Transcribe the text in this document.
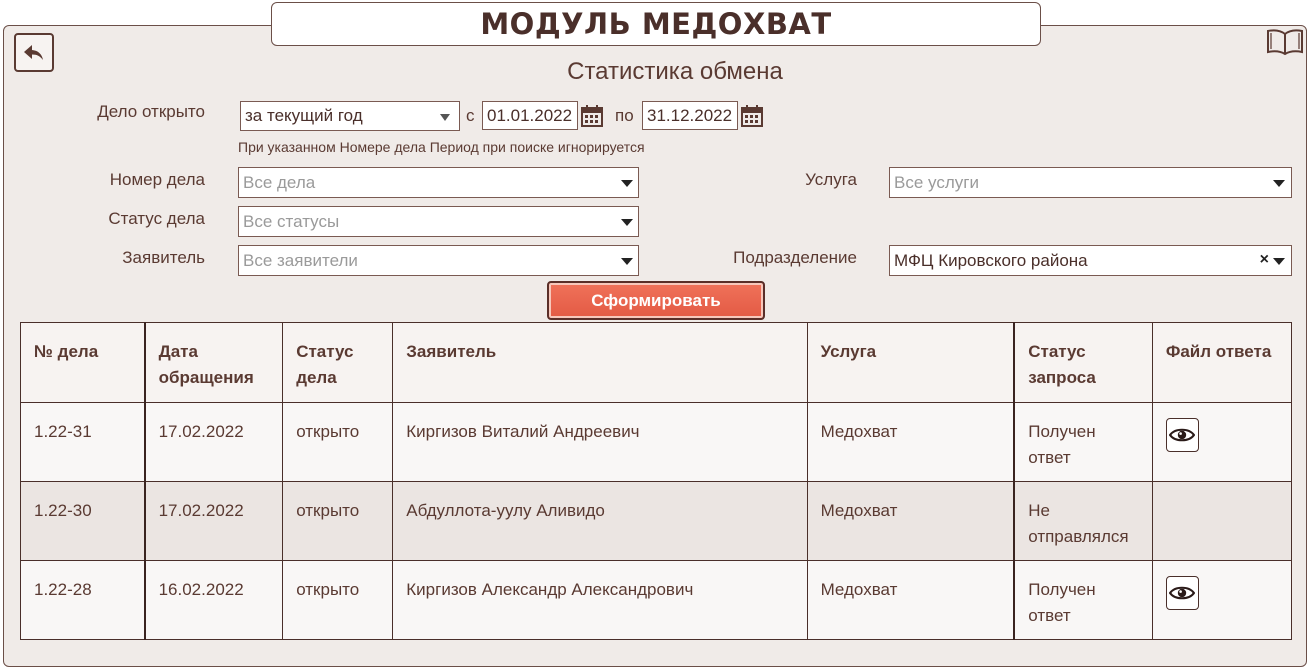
МОДУЛЬ МЕДОХВАТ
Статистика обмена
Дело открыто за текущий год	с 01.01.2022	по 31.12.2022
При указанном Номере дела Период при поиске игнорируется
Номер дела Все дела	Услуга Все услуги
Статус дела Все статусы
Заявитель Все заявители	Подразделение МФЦ Кировского района	×
Сформировать
№ дела	Дата обращения	Статус дела	Заявитель	Услуга	Статус запроса	Файл ответа
1.22-31	17.02.2022	открыто	Киргизов Виталий Андреевич	Медохват	Получен ответ	

1.22-30	17.02.2022	открыто	Абдуллота-уулу Аливидо	Медохват	Не отправлялся	
1.22-28	16.02.2022	открыто	Киргизов Александр Александрович	Медохват	Получен ответ	
